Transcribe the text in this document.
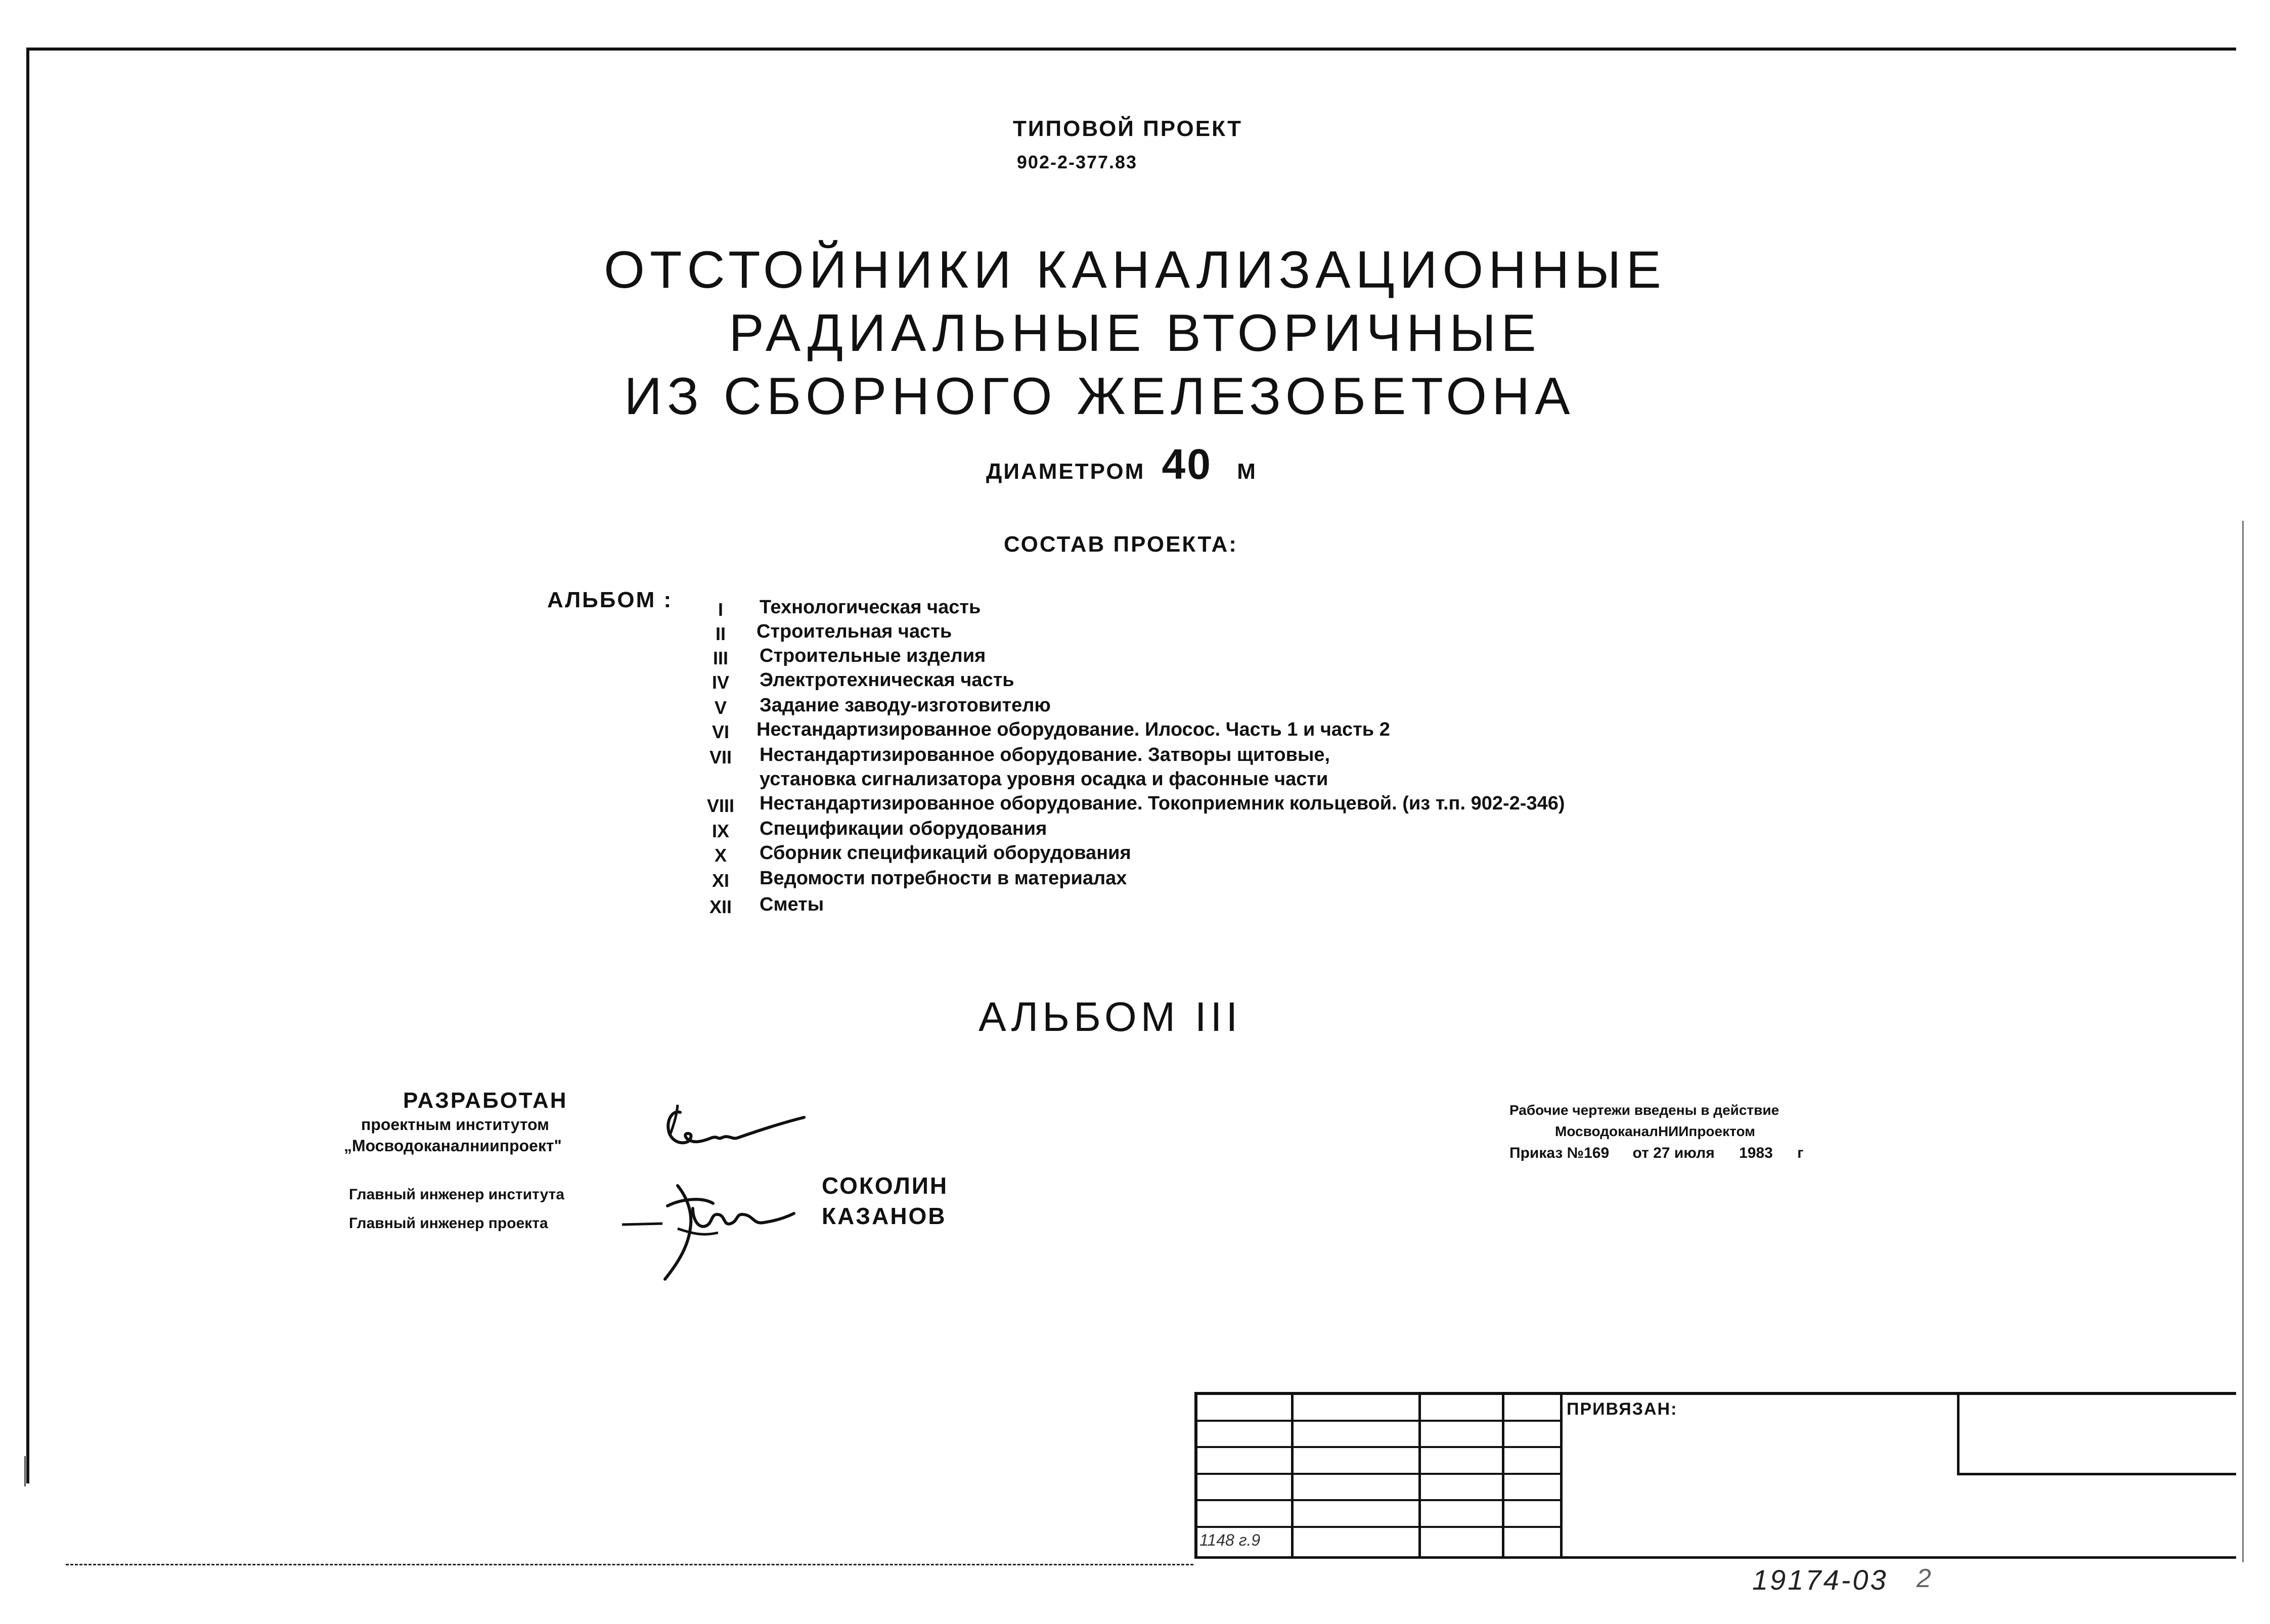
ТИПОВОЙ ПРОЕКТ
902-2-377.83
ОТСТОЙНИКИ КАНАЛИЗАЦИОННЫЕ
РАДИАЛЬНЫЕ ВТОРИЧНЫЕ
ИЗ СБОРНОГО ЖЕЛЕЗОБЕТОНА
ДИАМЕТРОМ 40 М
СОСТАВ ПРОЕКТА:
АЛЬБОМ :	I	Технологическая часть
II	Строительная часть
III	Строительные изделия
IV	Электротехническая часть
V	Задание заводу-изготовителю
VI	Нестандартизированное оборудование. Илосос. Часть 1 и часть 2
VII	Нестандартизированное оборудование. Затворы щитовые,
установка сигнализатора уровня осадка и фасонные части
VIII	Нестандартизированное оборудование. Токоприемник кольцевой. (из т.п. 902-2-346)
IX	Спецификации оборудования
X	Сборник спецификаций оборудования
XI	Ведомости потребности в материалах
XII	Сметы
АЛЬБОМ III
РАЗРАБОТАН
проектным институтом
„Мосводоканалниипроект"
Главный инженер института
Главный инженер проекта
СОКОЛИН
КАЗАНОВ
Рабочие чертежи введены в действие
МосводоканалНИИпроектом
Приказ №169 от 27 июля 1983 г
ПРИВЯЗАН:
1148 г.9
19174-03 2
